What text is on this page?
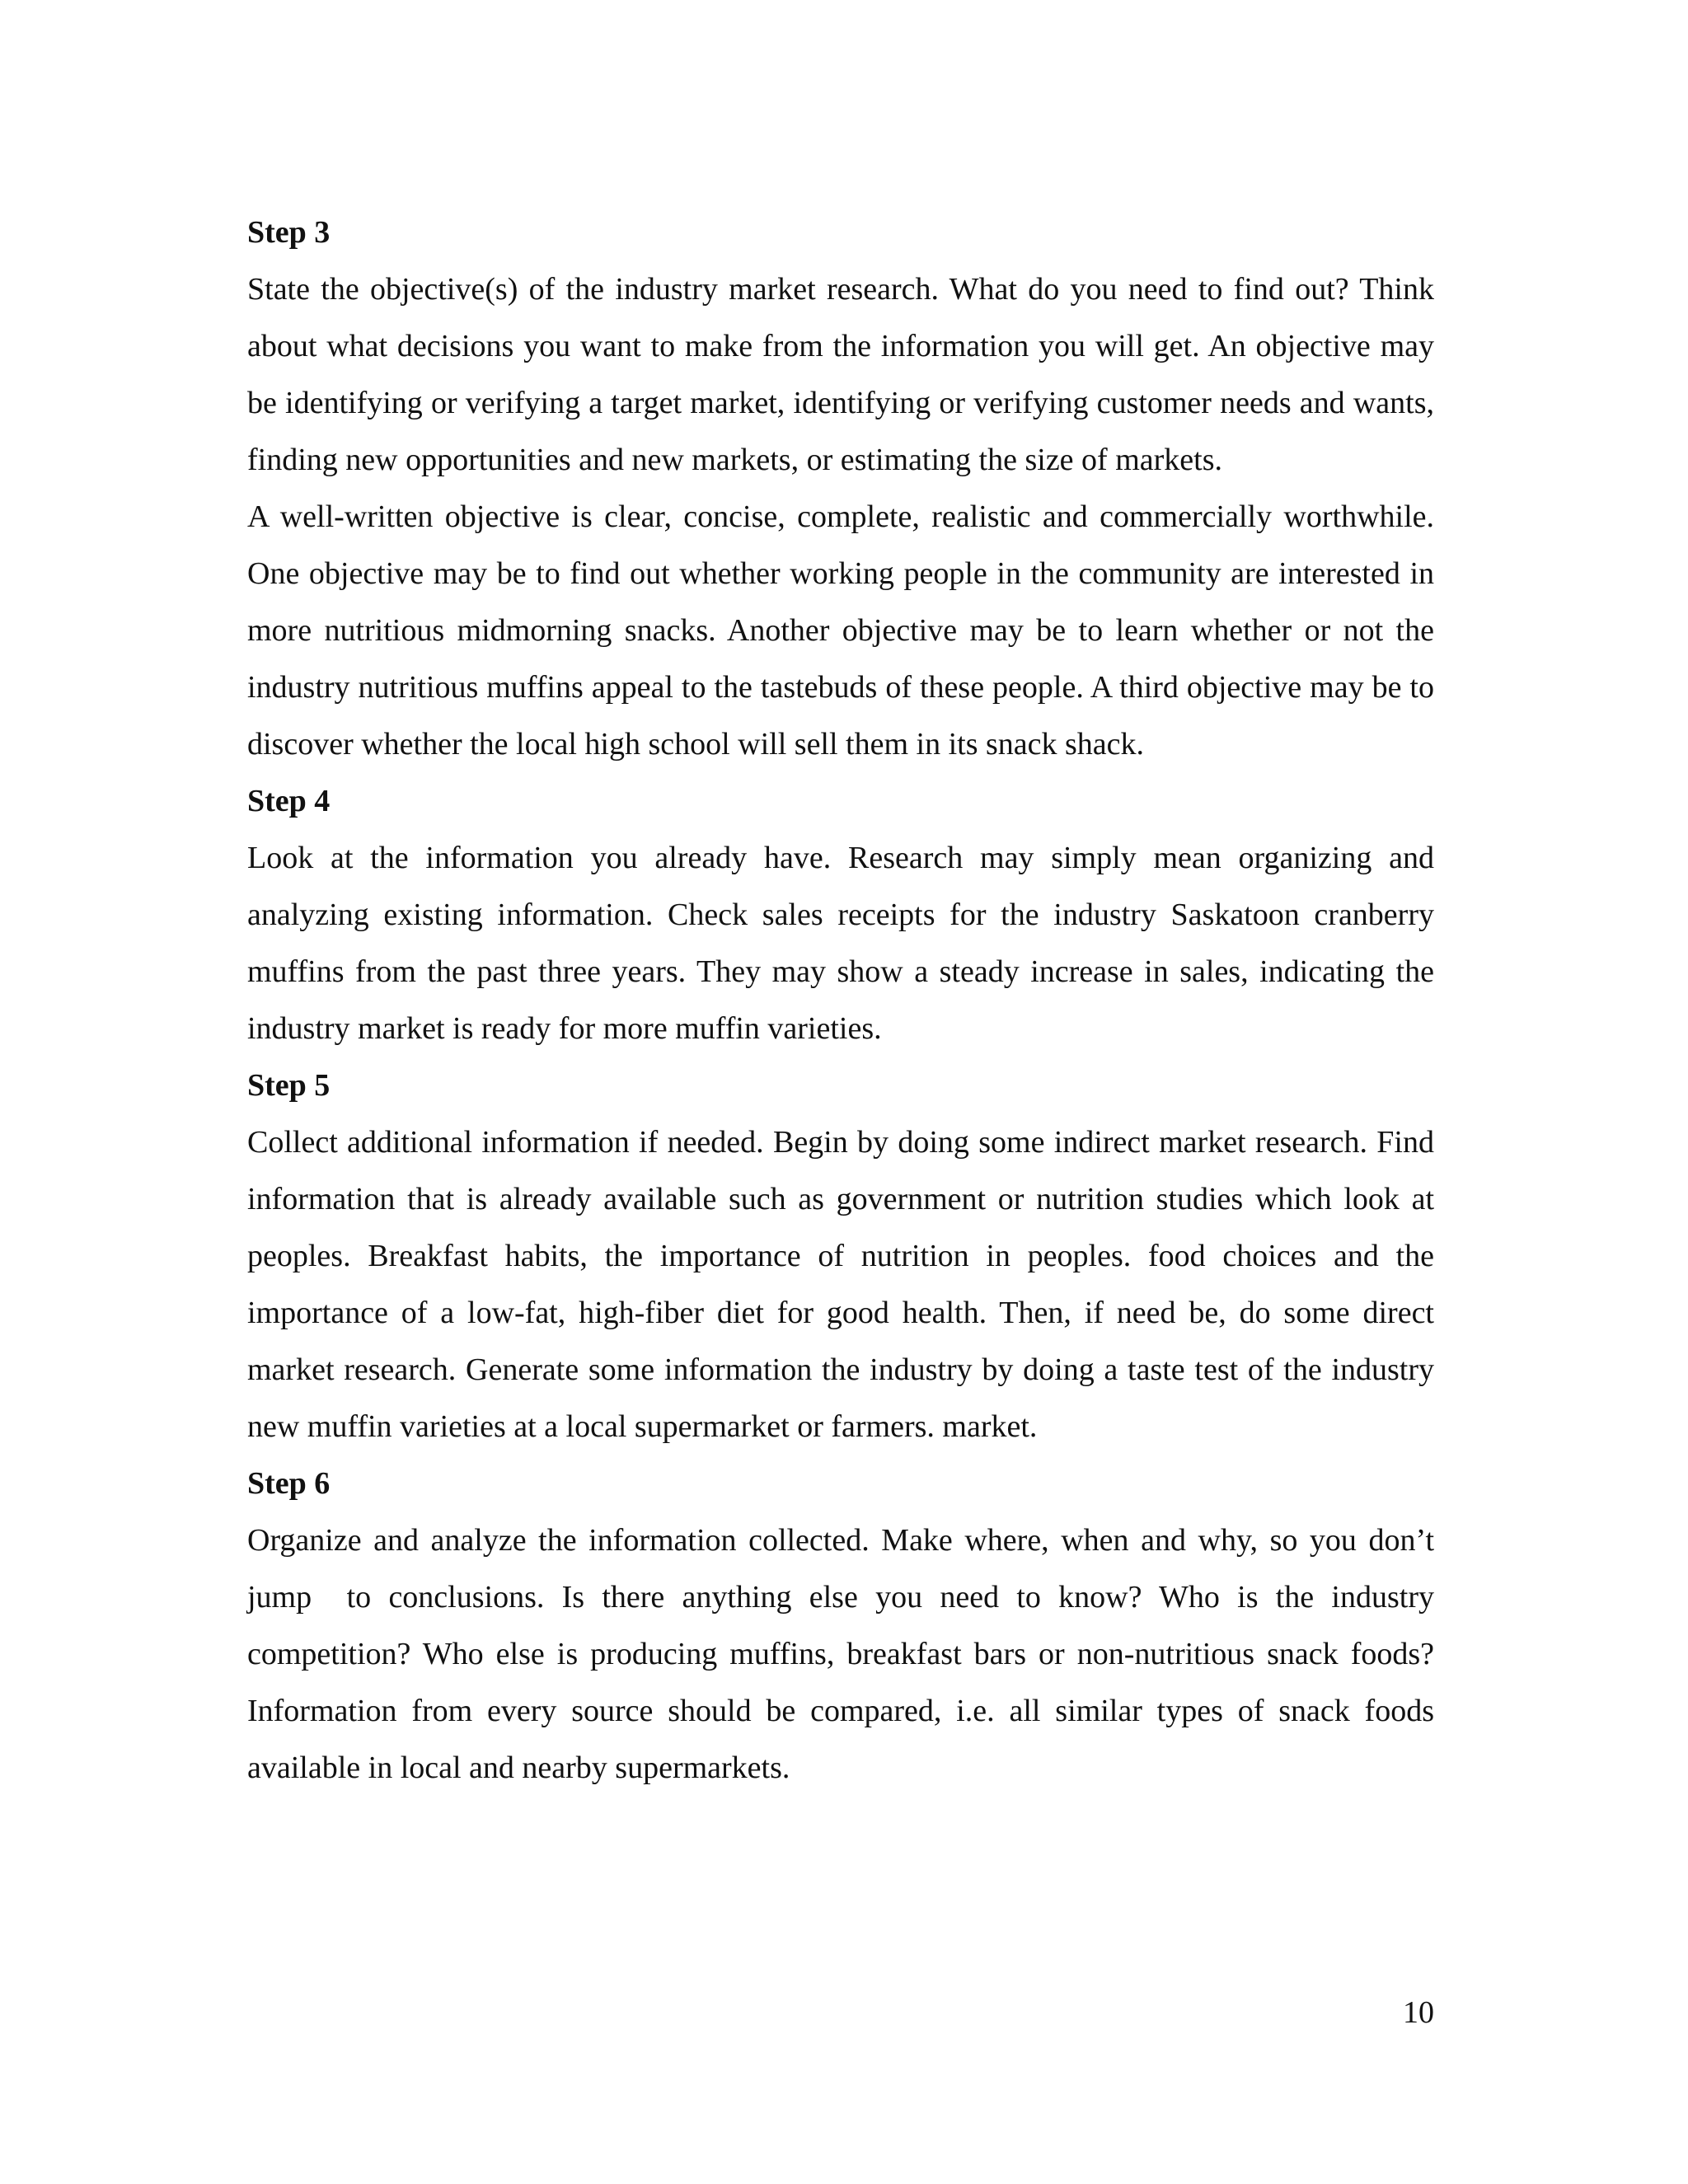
Step 3

State the objective(s) of the industry market research. What do you need to find out? Think about what decisions you want to make from the information you will get. An objective may be identifying or verifying a target market, identifying or verifying customer needs and wants, finding new opportunities and new markets, or estimating the size of markets.

A well-written objective is clear, concise, complete, realistic and commercially worthwhile. One objective may be to find out whether working people in the community are interested in more nutritious midmorning snacks. Another objective may be to learn whether or not the industry nutritious muffins appeal to the tastebuds of these people. A third objective may be to discover whether the local high school will sell them in its snack shack.

Step 4

Look at the information you already have. Research may simply mean organizing and analyzing existing information. Check sales receipts for the industry Saskatoon cranberry muffins from the past three years. They may show a steady increase in sales, indicating the industry market is ready for more muffin varieties.

Step 5

Collect additional information if needed. Begin by doing some indirect market research. Find information that is already available such as government or nutrition studies which look at peoples. Breakfast habits, the importance of nutrition in peoples. food choices and the importance of a low-fat, high-fiber diet for good health. Then, if need be, do some direct market research. Generate some information the industry by doing a taste test of the industry new muffin varieties at a local supermarket or farmers. market.

Step 6

Organize and analyze the information collected. Make where, when and why, so you don’t jump  to conclusions. Is there anything else you need to know? Who is the industry competition? Who else is producing muffins, breakfast bars or non-nutritious snack foods? Information from every source should be compared, i.e. all similar types of snack foods available in local and nearby supermarkets.

10
